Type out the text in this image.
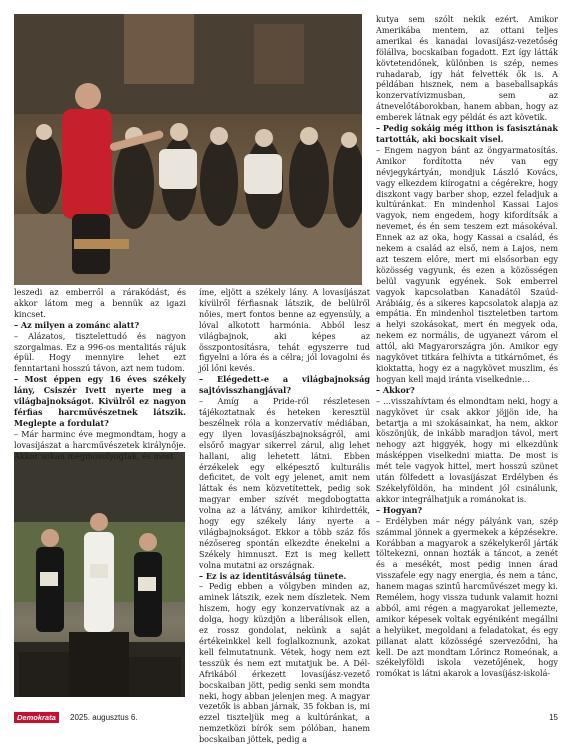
leszedi az emberről a rárakódást, és akkor látom meg a bennük az igazi kincset.

– Az milyen a zománc alatt?

– Alázatos, tisztelettudó és nagyon szorgalmas. Ez a 996-os mentalitás rájuk épül. Hogy mennyire lehet ezt fenntartani hosszú távon, azt nem tudom.

– Most éppen egy 16 éves székely lány, Csiszér Ivett nyerte meg a világbajnokságot. Kivülről ez nagyon férfias harcművészetnek látszik. Meglepte a fordulat?

– Már harminc éve megmondtam, hogy a lovasíjászat a harcművészetek királynője. Akkor sokan megmosolyogtak, és most

íme, eljött a székely lány. A lovasíjászat kívülről férfiasnak látszik, de belülről nőies, mert fontos benne az egyensúly, a lóval alkotott harmónia. Abból lesz világbajnok, aki képes az összpontosításra, tehát egyszerre tud figyelni a lóra és a célra; jól lovagolni és jól lőni kevés.

– Elégedett-e a világbajnokság sajtóvisszhangjával?

– Amíg a Pride-ról részletesen tájékoztatnak és heteken keresztül beszélnek róla a konzervatív médiában, egy ilyen lovasíjászbajnokságról, ami elsőrő magyar sikerrel zárul, alig lehet hallani, alig lehetett látni. Ebben érzékelek egy elképesztő kulturális deficitet, de volt egy jelenet, amit nem láttak és nem közvetítettek, pedig sok magyar ember szívét megdobogtatta volna az a látvány, amikor kihirdették, hogy egy székely lány nyerte a világbajnokságot. Ekkor a több száz fős nézősereg spontán elkezdte énekelni a Székely himnuszt. Ezt is meg kellett volna mutatni az országnak.

– Ez is az identitásválság tünete.

– Pedig ebben a völgyben minden az, aminek látszik, ezek nem díszletek. Nem hiszem, hogy egy konzervatívnak az a dolga, hogy küzdjön a liberálisok ellen, ez rossz gondolat, nekünk a saját értékeinkkel kell foglalkoznunk, azokat kell felmutatnunk. Vétek, hogy nem ezt tesszük és nem ezt mutatjuk be. A Dél-Afrikából érkezett lovasíjász-vezető bocskaiban jött, pedig senki sem mondta neki, hogy abban jelenjen meg. A magyar vezetők is abban járnak, 35 fokban is, mi ezzel tiszteljük meg a kultúránkat, a nemzetközi bírók sem pólóban, hanem bocskaiban jöttek, pedig a

kutya sem szólt nekik ezért. Amikor Amerikába mentem, az ottani teljes amerikai és kanadai lovasíjász-vezetőség fölállva, bocskaiban fogadott. Ezt így látták kövtetendőnek, különben is szép, nemes ruhadarab, így hát felvették ők is. A példában hisznek, nem a baseballsapkás konzervatívizmusban, sem az átnevelőtáborokban, hanem abban, hogy az emberek látnak egy példát és azt követik.

– Pedig sokáig még itthon is fasisztának tartották, aki bocskait visel.

– Engem nagyon bánt az öngyarmatosítás. Amikor fordította név van egy névjegykártyán, mondjuk László Kovács, vagy elkezdem kiírogatni a cégérekre, hogy diszkont vagy barber shop, ezzel feladjuk a kultúránkat. En mindenhol Kassai Lajos vagyok, nem engedem, hogy kifordítsák a nevemet, és én sem teszem ezt másokéval. Ennek az az oka, hogy Kassai a család, és nekem a család az első, nem a Lajos, nem azt teszem előre, mert mi elsősorban egy közösség vagyunk, és ezen a közösségen belül vagyunk egyének. Sok emberrel vagyok kapcsolatban Kanadától Szaúd-Arábiáig, és a sikeres kapcsolatok alapja az empátia. Én mindenhol tiszteletben tartom a helyi szokásokat, mert én megyek oda, nekem ez normális, de ugyanezt várom el attól, aki Magyarországra jön. Amikor egy nagykövet titkára felhívta a titkárnőmet, és kioktatta, hogy ez a nagykövet muszlim, és hogyan kell majd iránta viselkednie…

– Akkor?

– …visszahívtam és elmondtam neki, hogy a nagykövet úr csak akkor jöjjön ide, ha betartja a mi szokásainkat, ha nem, akkor köszönjük, de inkább maradjon távol, mert nehogy azt higgyék, hogy mi elkezdünk másképpen viselkedni miatta. De most is mét tele vagyok hittel, mert hosszú szünet után fölfedett a lovasíjászat Erdélyben és Székelyföldön, ha mindent jól csinálunk, akkor integrálhatjuk a románokat is.

– Hogyan?

– Erdélyben már négy pályánk van, szép számmal jönnek a gyermekek a képzésekre. Korábban a magyarok a székelykeről járták töltekezni, onnan hozták a táncot, a zenét és a mesékét, most pedig innen árad visszafele egy nagy energia, és nem a tánc, hanem magas szintű harcművészet megy ki. Remélem, hogy vissza tudunk valamit hozni abból, ami régen a magyarokat jellemezte, amikor képesek voltak egyéniként megállni a helyüket, megoldani a feladatokat, és egy pillanat alatt közösségé szerveződni, ha kell. De azt mondtam Lőrincz Romeónak, a székelyföldi iskola vezetőjének, hogy romókat is látni akarok a lovasíjász-iskolá-

Demokrata	2025. augusztus 6.	15
